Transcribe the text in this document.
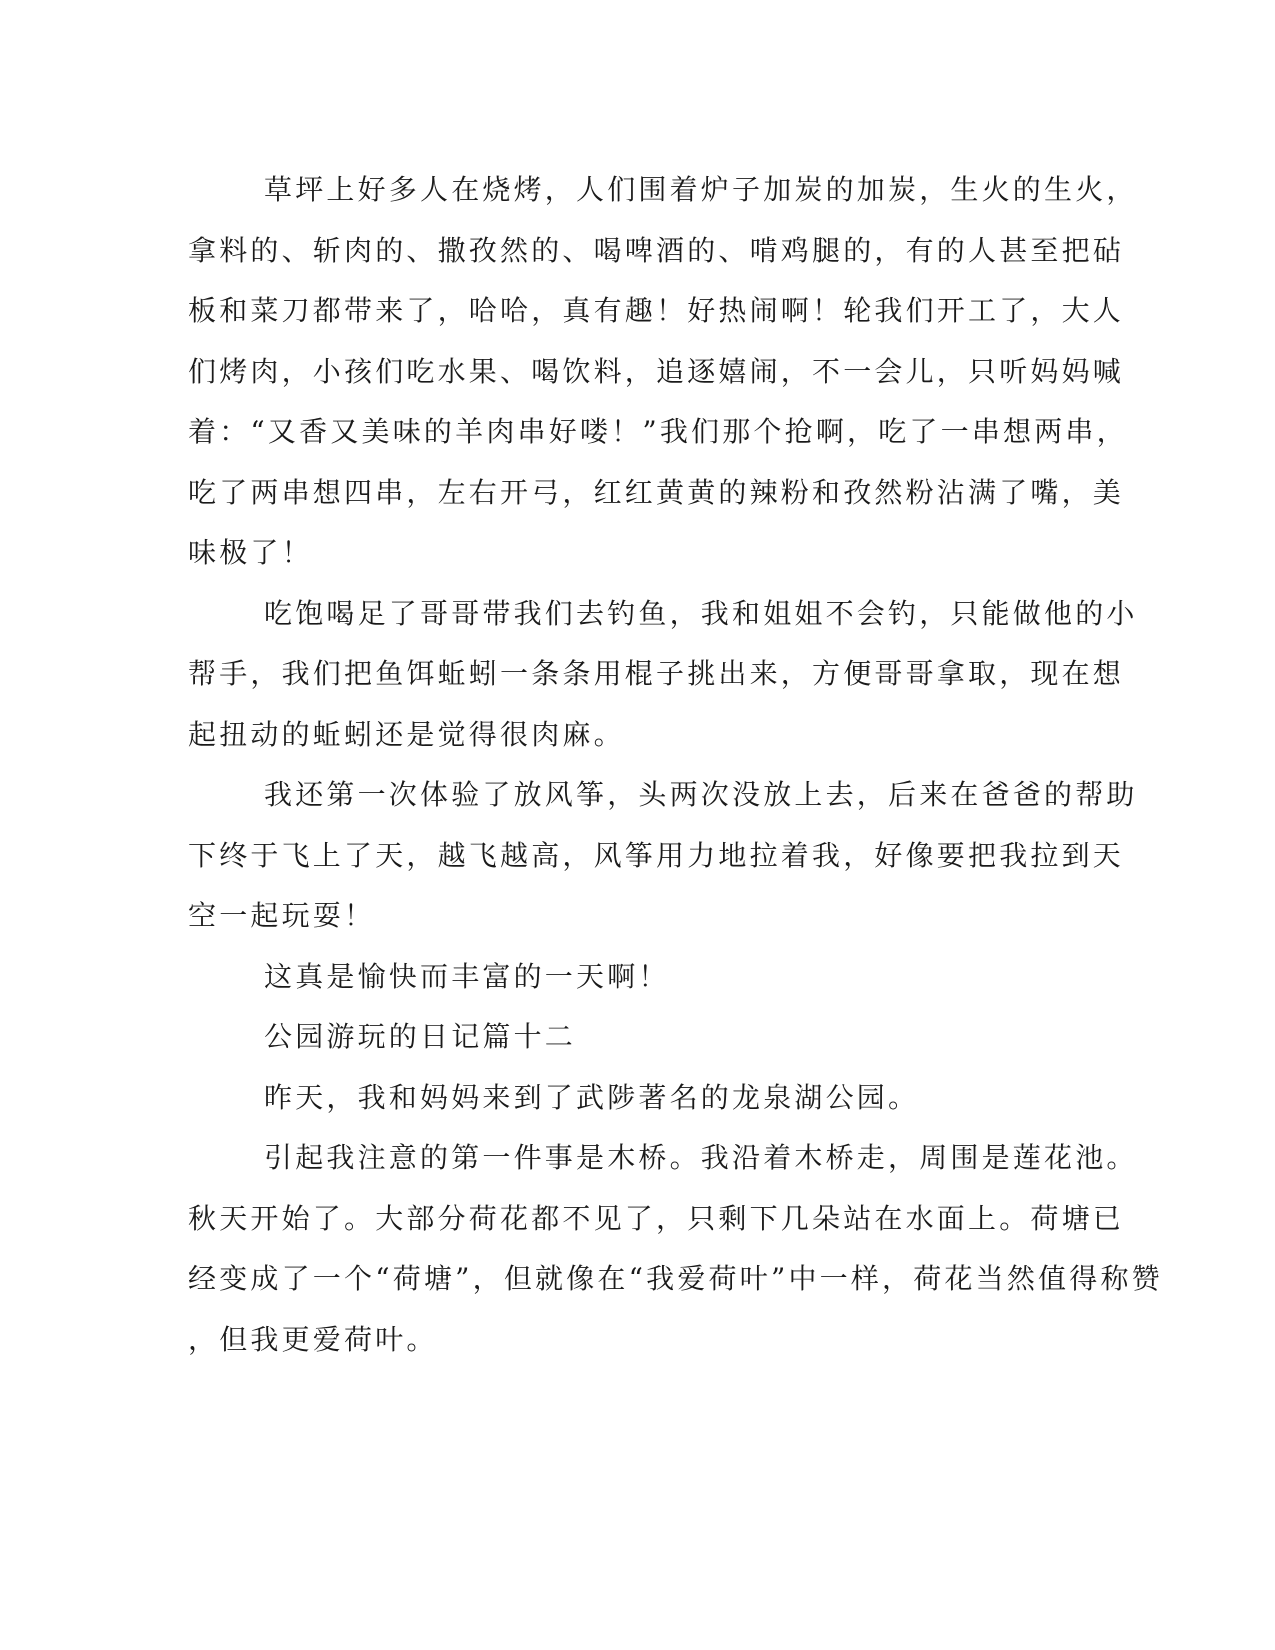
草坪上好多人在烧烤，人们围着炉子加炭的加炭，生火的生火，
拿料的、斩肉的、撒孜然的、喝啤酒的、啃鸡腿的，有的人甚至把砧
板和菜刀都带来了，哈哈，真有趣！好热闹啊！轮我们开工了，大人
们烤肉，小孩们吃水果、喝饮料，追逐嬉闹，不一会儿，只听妈妈喊
着：“又香又美味的羊肉串好喽！”我们那个抢啊，吃了一串想两串，
吃了两串想四串，左右开弓，红红黄黄的辣粉和孜然粉沾满了嘴，美
味极了！
吃饱喝足了哥哥带我们去钓鱼，我和姐姐不会钓，只能做他的小
帮手，我们把鱼饵蚯蚓一条条用棍子挑出来，方便哥哥拿取，现在想
起扭动的蚯蚓还是觉得很肉麻。
我还第一次体验了放风筝，头两次没放上去，后来在爸爸的帮助
下终于飞上了天，越飞越高，风筝用力地拉着我，好像要把我拉到天
空一起玩耍！
这真是愉快而丰富的一天啊！
公园游玩的日记篇十二
昨天，我和妈妈来到了武陟著名的龙泉湖公园。
引起我注意的第一件事是木桥。我沿着木桥走，周围是莲花池。
秋天开始了。大部分荷花都不见了，只剩下几朵站在水面上。荷塘已
经变成了一个“荷塘”，但就像在“我爱荷叶”中一样，荷花当然值得称赞
，但我更爱荷叶。
